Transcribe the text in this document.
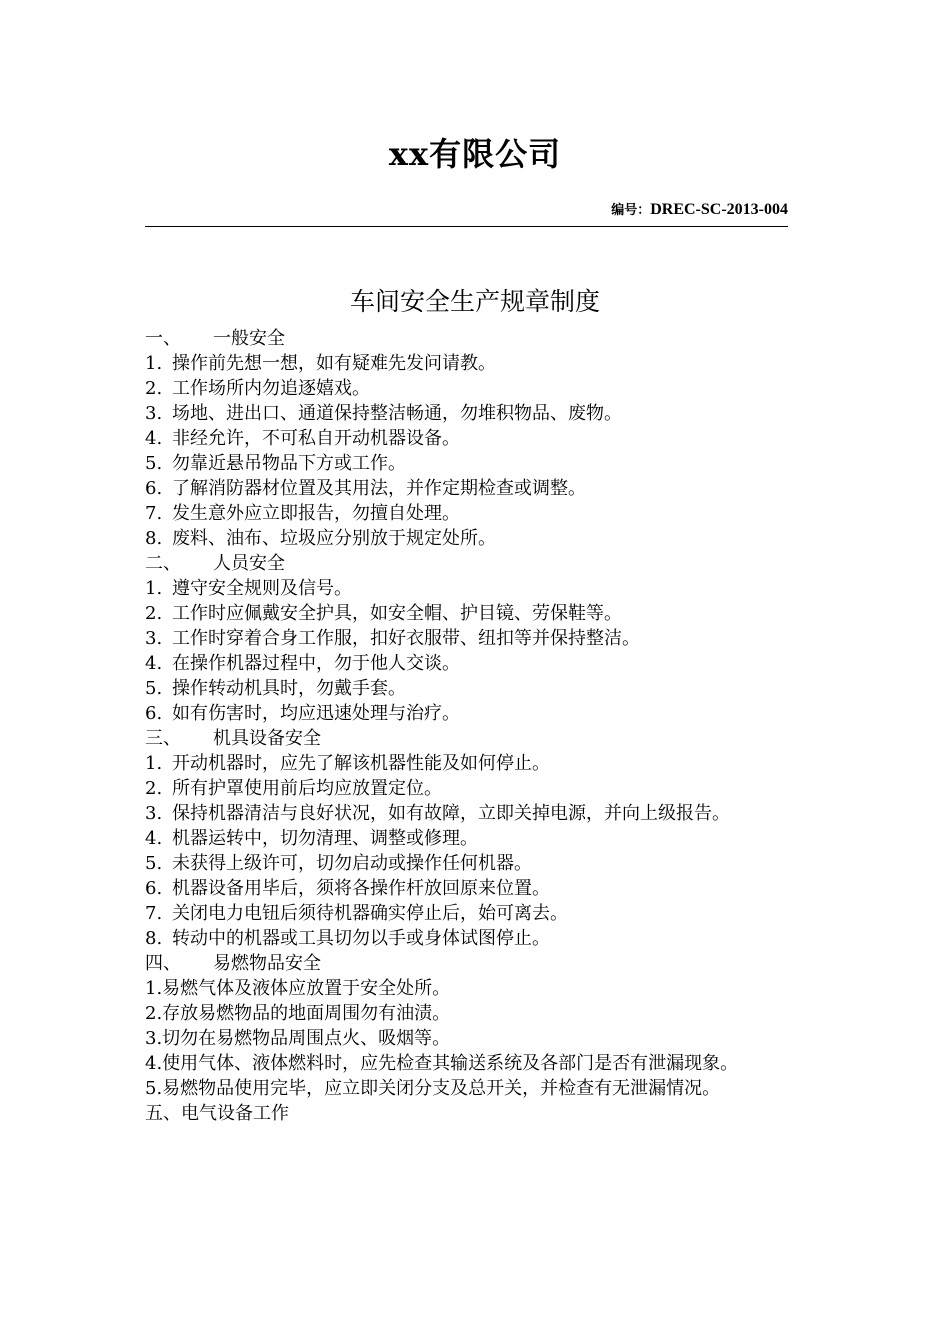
xx有限公司
编号：DREC-SC-2013-004
车间安全生产规章制度
一、 一般安全
1. 操作前先想一想，如有疑难先发问请教。
2. 工作场所内勿追逐嬉戏。
3. 场地、进出口、通道保持整洁畅通，勿堆积物品、废物。
4. 非经允许，不可私自开动机器设备。
5. 勿靠近悬吊物品下方或工作。
6. 了解消防器材位置及其用法，并作定期检查或调整。
7. 发生意外应立即报告，勿擅自处理。
8. 废料、油布、垃圾应分别放于规定处所。
二、 人员安全
1. 遵守安全规则及信号。
2. 工作时应佩戴安全护具，如安全帽、护目镜、劳保鞋等。
3. 工作时穿着合身工作服，扣好衣服带、纽扣等并保持整洁。
4. 在操作机器过程中，勿于他人交谈。
5. 操作转动机具时，勿戴手套。
6. 如有伤害时，均应迅速处理与治疗。
三、 机具设备安全
1. 开动机器时，应先了解该机器性能及如何停止。
2. 所有护罩使用前后均应放置定位。
3. 保持机器清洁与良好状况，如有故障，立即关掉电源，并向上级报告。
4. 机器运转中，切勿清理、调整或修理。
5. 未获得上级许可，切勿启动或操作任何机器。
6. 机器设备用毕后，须将各操作杆放回原来位置。
7. 关闭电力电钮后须待机器确实停止后，始可离去。
8. 转动中的机器或工具切勿以手或身体试图停止。
四、 易燃物品安全
1.易燃气体及液体应放置于安全处所。
2.存放易燃物品的地面周围勿有油渍。
3.切勿在易燃物品周围点火、吸烟等。
4.使用气体、液体燃料时，应先检查其输送系统及各部门是否有泄漏现象。
5.易燃物品使用完毕，应立即关闭分支及总开关，并检查有无泄漏情况。
五、电气设备工作
